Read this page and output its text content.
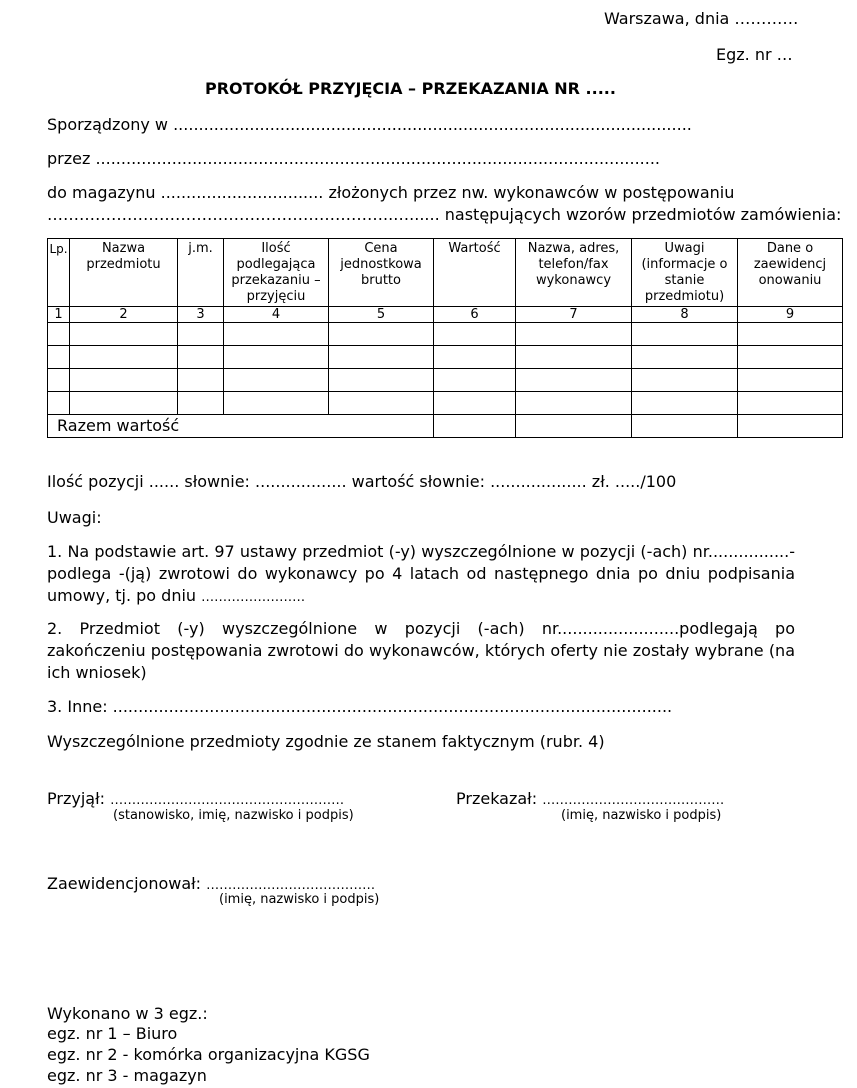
Warszawa, dnia …………
Egz. nr …
PROTOKÓŁ PRZYJĘCIA – PRZEKAZANIA NR .....
Sporządzony w ......................................................................................................
przez ...............................................................................................................
do magazynu ................................ złożonych przez nw. wykonawców w postępowaniu
………………………………………………………..…...... następujących wzorów przedmiotów zamówienia:
Lp.	Nazwa przedmiotu	j.m.	Ilość podlegająca przekazaniu – przyjęciu	Cena jednostkowa brutto	Wartość	Nazwa, adres, telefon/fax wykonawcy	Uwagi (informacje o stanie przedmiotu)	Dane o zaewidencj onowaniu
1	2	3	4	5	6	7	8	9

Razem wartość								
Ilość pozycji ...... słownie: .................. wartość słownie: ................... zł. ...../100
Uwagi:
1. Na podstawie art. 97 ustawy przedmiot (-y) wyszczególnione w pozycji (-ach) nr................- podlega -(ją) zwrotowi do wykonawcy po 4 latach od następnego dnia po dniu podpisania umowy, tj. po dniu ……………………
2. Przedmiot (-y) wyszczególnione w pozycji (-ach) nr........................podlegają po zakończeniu postępowania zwrotowi do wykonawców, których oferty nie zostały wybrane (na ich wniosek)
3. Inne: ..............................................................................................................
Wyszczególnione przedmioty zgodnie ze stanem faktycznym (rubr. 4)
Przyjął: ………………………………………………
(stanowisko, imię, nazwisko i podpis)
Przekazał: ……………………………………
(imię, nazwisko i podpis)
Zaewidencjonował: …………………………………
(imię, nazwisko i podpis)
Wykonano w 3 egz.:
egz. nr 1 – Biuro
egz. nr 2 - komórka organizacyjna KGSG
egz. nr 3 - magazyn
